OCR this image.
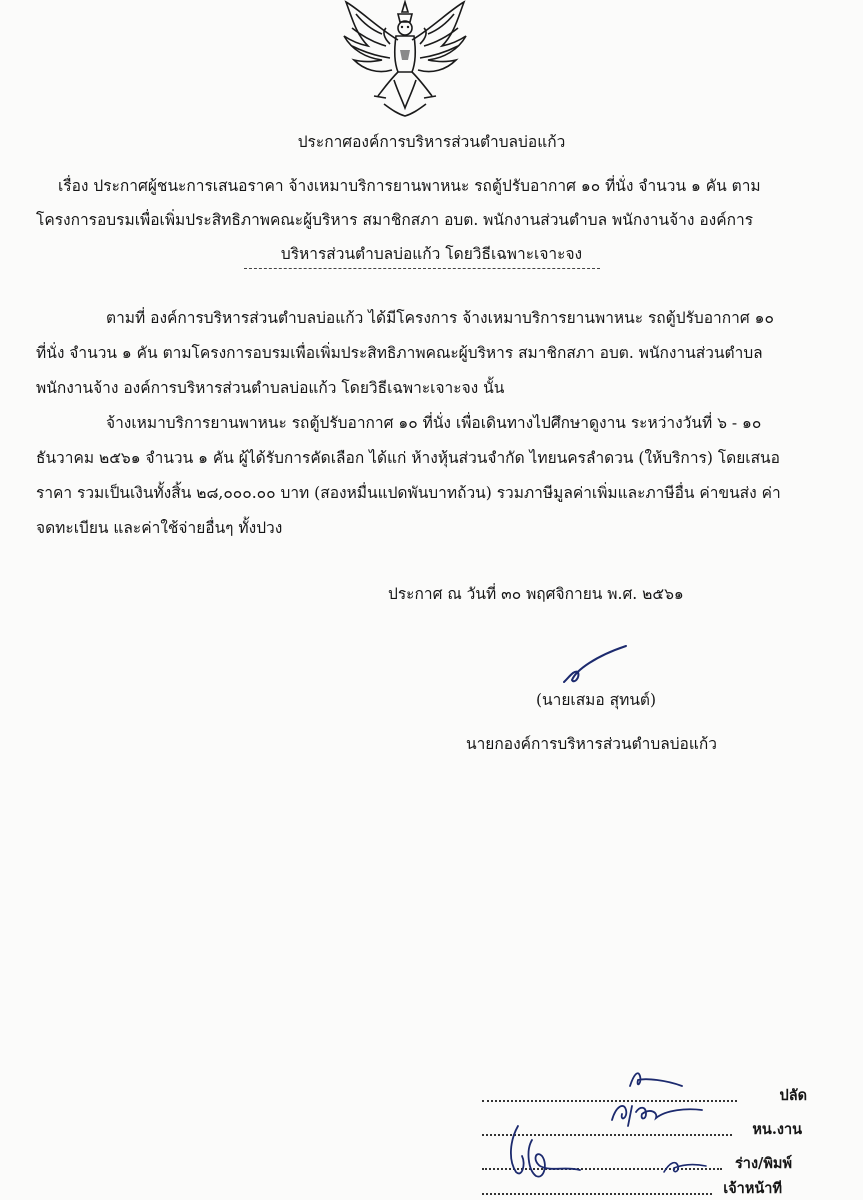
ประกาศองค์การบริหารส่วนตำบลบ่อแก้ว
เรื่อง ประกาศผู้ชนะการเสนอราคา จ้างเหมาบริการยานพาหนะ รถตู้ปรับอากาศ ๑๐ ที่นั่ง จำนวน ๑ คัน ตาม
โครงการอบรมเพื่อเพิ่มประสิทธิภาพคณะผู้บริหาร สมาชิกสภา อบต. พนักงานส่วนตำบล พนักงานจ้าง องค์การ
บริหารส่วนตำบลบ่อแก้ว โดยวิธีเฉพาะเจาะจง
ตามที่ องค์การบริหารส่วนตำบลบ่อแก้ว ได้มีโครงการ จ้างเหมาบริการยานพาหนะ รถตู้ปรับอากาศ ๑๐
ที่นั่ง จำนวน ๑ คัน ตามโครงการอบรมเพื่อเพิ่มประสิทธิภาพคณะผู้บริหาร สมาชิกสภา อบต. พนักงานส่วนตำบล
พนักงานจ้าง องค์การบริหารส่วนตำบลบ่อแก้ว โดยวิธีเฉพาะเจาะจง นั้น
จ้างเหมาบริการยานพาหนะ รถตู้ปรับอากาศ ๑๐ ที่นั่ง เพื่อเดินทางไปศึกษาดูงาน ระหว่างวันที่ ๖ - ๑๐
ธันวาคม ๒๕๖๑ จำนวน ๑ คัน ผู้ได้รับการคัดเลือก ได้แก่ ห้างหุ้นส่วนจำกัด ไทยนครลำดวน (ให้บริการ) โดยเสนอ
ราคา รวมเป็นเงินทั้งสิ้น ๒๘,๐๐๐.๐๐ บาท (สองหมื่นแปดพันบาทถ้วน) รวมภาษีมูลค่าเพิ่มและภาษีอื่น ค่าขนส่ง ค่า
จดทะเบียน และค่าใช้จ่ายอื่นๆ ทั้งปวง
ประกาศ ณ วันที่ ๓๐ พฤศจิกายน พ.ศ. ๒๕๖๑
(นายเสมอ สุทนต์)
นายกองค์การบริหารส่วนตำบลบ่อแก้ว
ปลัด
หน.งาน
ร่าง/พิมพ์
เจ้าหน้าที่
